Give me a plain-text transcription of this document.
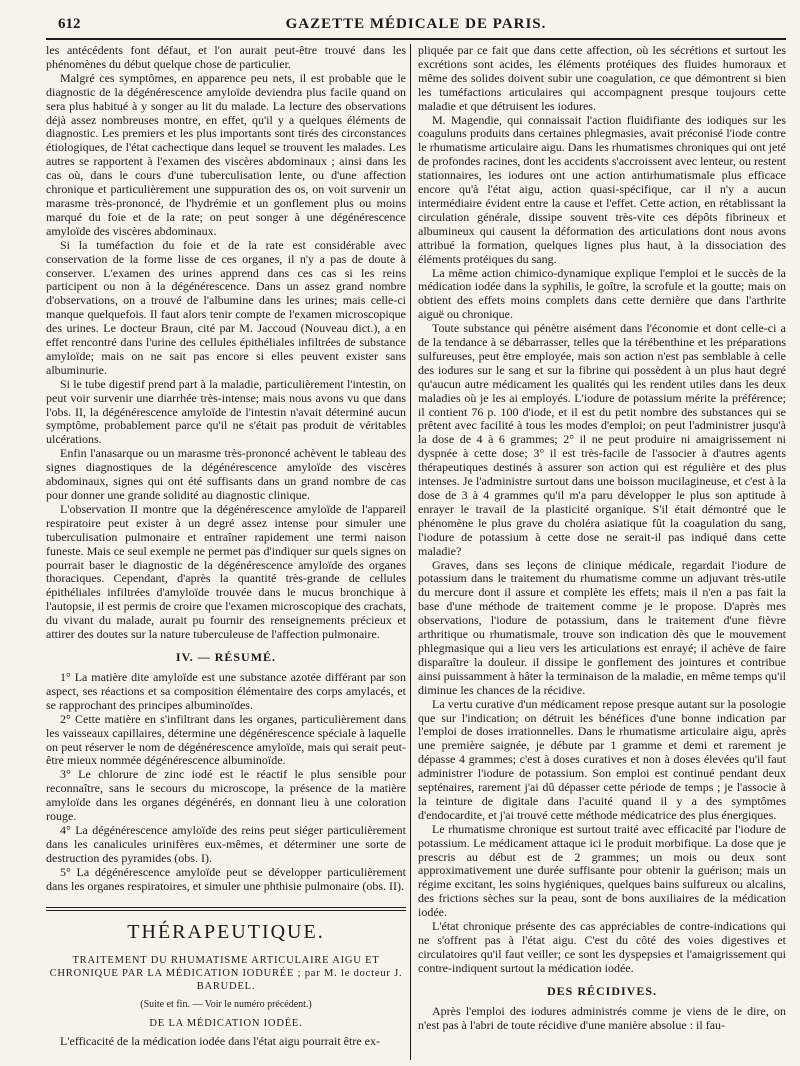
612	GAZETTE MÉDICALE DE PARIS.

les antécédents font défaut, et l'on aurait peut-être trouvé dans les phénomènes du début quelque chose de particulier.

Malgré ces symptômes, en apparence peu nets, il est probable que le diagnostic de la dégénérescence amyloïde deviendra plus facile quand on sera plus habitué à y songer au lit du malade. La lecture des observations déjà assez nombreuses montre, en effet, qu'il y a quelques éléments de diagnostic. Les premiers et les plus importants sont tirés des circonstances étiologiques, de l'état cachectique dans lequel se trouvent les malades. Les autres se rapportent à l'examen des viscères abdominaux ; ainsi dans les cas où, dans le cours d'une tuberculisation lente, ou d'une affection chronique et particulièrement une suppuration des os, on voit survenir un marasme très-prononcé, de l'hydrémie et un gonflement plus ou moins marqué du foie et de la rate; on peut songer à une dégénérescence amyloïde des viscères abdominaux.

Si la tuméfaction du foie et de la rate est considérable avec conservation de la forme lisse de ces organes, il n'y a pas de doute à conserver. L'examen des urines apprend dans ces cas si les reins participent ou non à la dégénérescence. Dans un assez grand nombre d'observations, on a trouvé de l'albumine dans les urines; mais celle-ci manque quelquefois. Il faut alors tenir compte de l'examen microscopique des urines. Le docteur Braun, cité par M. Jaccoud (Nouveau dict.), a en effet rencontré dans l'urine des cellules épithéliales infiltrées de substance amyloïde; mais on ne sait pas encore si elles peuvent exister sans albuminurie.

Si le tube digestif prend part à la maladie, particulièrement l'intestin, on peut voir survenir une diarrhée très-intense; mais nous avons vu que dans l'obs. II, la dégénérescence amyloïde de l'intestin n'avait déterminé aucun symptôme, probablement parce qu'il ne s'était pas produit de véritables ulcérations.

Enfin l'anasarque ou un marasme très-prononcé achèvent le tableau des signes diagnostiques de la dégénérescence amyloïde des viscères abdominaux, signes qui ont été suffisants dans un grand nombre de cas pour donner une grande solidité au diagnostic clinique.

L'observation II montre que la dégénérescence amyloïde de l'appareil respiratoire peut exister à un degré assez intense pour simuler une tuberculisation pulmonaire et entraîner rapidement une termi naison funeste. Mais ce seul exemple ne permet pas d'indiquer sur quels signes on pourrait baser le diagnostic de la dégénérescence amyloïde des organes thoraciques. Cependant, d'après la quantité très-grande de cellules épithéliales infiltrées d'amyloïde trouvée dans le mucus bronchique à l'autopsie, il est permis de croire que l'examen microscopique des crachats, du vivant du malade, aurait pu fournir des renseignements précieux et attirer des doutes sur la nature tuberculeuse de l'affection pulmonaire.

IV. — RÉSUMÉ.

1° La matière dite amyloïde est une substance azotée différant par son aspect, ses réactions et sa composition élémentaire des corps amylacés, et se rapprochant des principes albuminoïdes.

2° Cette matière en s'infiltrant dans les organes, particulièrement dans les vaisseaux capillaires, détermine une dégénérescence spéciale à laquelle on peut réserver le nom de dégénérescence amyloïde, mais qui serait peut-être mieux nommée dégénérescence albuminoïde.

3° Le chlorure de zinc iodé est le réactif le plus sensible pour reconnaître, sans le secours du microscope, la présence de la matière amyloïde dans les organes dégénérés, en donnant lieu à une coloration rouge.

4° La dégénérescence amyloïde des reins peut siéger particulièrement dans les canalicules urinifères eux-mêmes, et déterminer une sorte de destruction des pyramides (obs. I).

5° La dégénérescence amyloïde peut se développer particulièrement dans les organes respiratoires, et simuler une phthisie pulmonaire (obs. II).

THÉRAPEUTIQUE.

TRAITEMENT DU RHUMATISME ARTICULAIRE AIGU ET CHRONIQUE PAR LA MÉDICATION IODURÉE ; par M. le docteur J. BARUDEL.

(Suite et fin. — Voir le numéro précédent.)

DE LA MÉDICATION IODÉE.

L'efficacité de la médication iodée dans l'état aigu pourrait être ex-

pliquée par ce fait que dans cette affection, où les sécrétions et surtout les excrétions sont acides, les éléments protéiques des fluides humoraux et même des solides doivent subir une coagulation, ce que démontrent si bien les tuméfactions articulaires qui accompagnent presque toujours cette maladie et que détruisent les iodures.

M. Magendie, qui connaissait l'action fluidifiante des iodiques sur les coaguluns produits dans certaines phlegmasies, avait préconisé l'iode contre le rhumatisme articulaire aigu. Dans les rhumatismes chroniques qui ont jeté de profondes racines, dont les accidents s'accroissent avec lenteur, ou restent stationnaires, les iodures ont une action antirhumatismale plus efficace encore qu'à l'état aigu, action quasi-spécifique, car il n'y a aucun intermédiaire évident entre la cause et l'effet. Cette action, en rétablissant la circulation générale, dissipe souvent très-vite ces dépôts fibrineux et albumineux qui causent la déformation des articulations dont nous avons attribué la formation, quelques lignes plus haut, à la dissociation des éléments protéiques du sang.

La même action chimico-dynamique explique l'emploi et le succès de la médication iodée dans la syphilis, le goître, la scrofule et la goutte; mais on obtient des effets moins complets dans cette dernière que dans l'arthrite aiguë ou chronique.

Toute substance qui pénètre aisément dans l'économie et dont celle-ci a de la tendance à se débarrasser, telles que la térébenthine et les préparations sulfureuses, peut être employée, mais son action n'est pas semblable à celle des iodures sur le sang et sur la fibrine qui possèdent à un plus haut degré qu'aucun autre médicament les qualités qui les rendent utiles dans les deux maladies où je les ai employés. L'iodure de potassium mérite la préférence; il contient 76 p. 100 d'iode, et il est du petit nombre des substances qui se prêtent avec facilité à tous les modes d'emploi; on peut l'administrer jusqu'à la dose de 4 à 6 grammes; 2° il ne peut produire ni amaigrissement ni dyspnée à cette dose; 3° il est très-facile de l'associer à d'autres agents thérapeutiques destinés à assurer son action qui est régulière et des plus intenses. Je l'administre surtout dans une boisson mucilagineuse, et c'est à la dose de 3 à 4 grammes qu'il m'a paru développer le plus son aptitude à enrayer le travail de la plasticité organique. S'il était démontré que le phénomène le plus grave du choléra asiatique fût la coagulation du sang, l'iodure de potassium à cette dose ne serait-il pas indiqué dans cette maladie?

Graves, dans ses leçons de clinique médicale, regardait l'iodure de potassium dans le traitement du rhumatisme comme un adjuvant très-utile du mercure dont il assure et complète les effets; mais il n'en a pas fait la base d'une méthode de traitement comme je le propose. D'après mes observations, l'iodure de potassium, dans le traitement d'une fièvre arthritique ou rhumatismale, trouve son indication dès que le mouvement phlegmasique qui a lieu vers les articulations est enrayé; il achève de faire disparaître la douleur. il dissipe le gonflement des jointures et contribue ainsi puissamment à hâter la terminaison de la maladie, en même temps qu'il diminue les chances de la récidive.

La vertu curative d'un médicament repose presque autant sur la posologie que sur l'indication; on détruit les bénéfices d'une bonne indication par l'emploi de doses irrationnelles. Dans le rhumatisme articulaire aigu, après une première saignée, je débute par 1 gramme et demi et rarement je dépasse 4 grammes; c'est à doses curatives et non à doses élevées qu'il faut administrer l'iodure de potassium. Son emploi est continué pendant deux septénaires, rarement j'ai dû dépasser cette période de temps ; je l'associe à la teinture de digitale dans l'acuité quand il y a des symptômes d'endocardite, et j'ai trouvé cette méthode médicatrice des plus énergiques.

Le rhumatisme chronique est surtout traité avec efficacité par l'iodure de potassium. Le médicament attaque ici le produit morbifique. La dose que je prescris au début est de 2 grammes; un mois ou deux sont approximativement une durée suffisante pour obtenir la guérison; mais un régime excitant, les soins hygiéniques, quelques bains sulfureux ou alcalins, des frictions sèches sur la peau, sont de bons auxiliaires de la médication iodée.

L'état chronique présente des cas appréciables de contre-indications qui ne s'offrent pas à l'état aigu. C'est du côté des voies digestives et circulatoires qu'il faut veiller; ce sont les dyspepsies et l'amaigrissement qui contre-indiquent surtout la médication iodée.

DES RÉCIDIVES.

Après l'emploi des iodures administrés comme je viens de le dire, on n'est pas à l'abri de toute récidive d'une manière absolue : il fau-
